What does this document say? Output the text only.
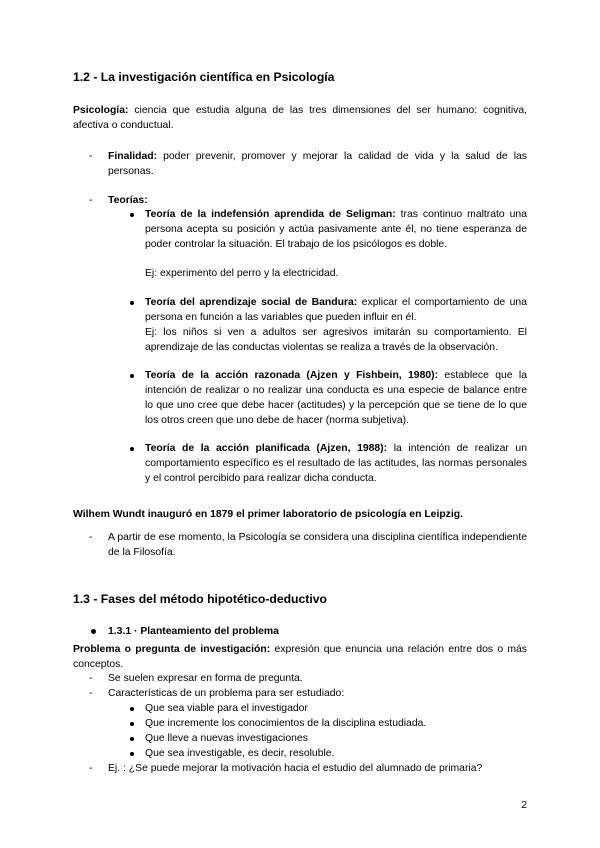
1.2 - La investigación científica en Psicología
Psicología: ciencia que estudia alguna de las tres dimensiones del ser humano: cognitiva, afectiva o conductual.
- Finalidad: poder prevenir, promover y mejorar la calidad de vida y la salud de las personas.
- Teorías:
Teoría de la indefensión aprendida de Seligman: tras continuo maltrato una persona acepta su posición y actúa pasivamente ante él, no tiene esperanza de poder controlar la situación. El trabajo de los psicólogos es doble.
Ej: experimento del perro y la electricidad.
Teoría del aprendizaje social de Bandura: explicar el comportamiento de una persona en función a las variables que pueden influir en él.
Ej: los niños si ven a adultos ser agresivos imitarán su comportamiento. El aprendizaje de las conductas violentas se realiza a través de la observación.
Teoría de la acción razonada (Ajzen y Fishbein, 1980): establece que la intención de realizar o no realizar una conducta es una especie de balance entre lo que uno cree que debe hacer (actitudes) y la percepción que se tiene de lo que los otros creen que uno debe de hacer (norma subjetiva).
Teoría de la acción planificada (Ajzen, 1988): la intención de realizar un comportamiento específico es el resultado de las actitudes, las normas personales y el control percibido para realizar dicha conducta.
Wilhem Wundt inauguró en 1879 el primer laboratorio de psicología en Leipzig.
- A partir de ese momento, la Psicología se considera una disciplina científica independiente de la Filosofía.
1.3 - Fases del método hipotético-deductivo
1.3.1 · Planteamiento del problema
Problema o pregunta de investigación: expresión que enuncia una relación entre dos o más conceptos.
- Se suelen expresar en forma de pregunta.
- Características de un problema para ser estudiado:
Que sea viable para el investigador
Que incremente los conocimientos de la disciplina estudiada.
Que lleve a nuevas investigaciones
Que sea investigable, es decir, resoluble.
- Ej. : ¿Se puede mejorar la motivación hacia el estudio del alumnado de primaria?
2
